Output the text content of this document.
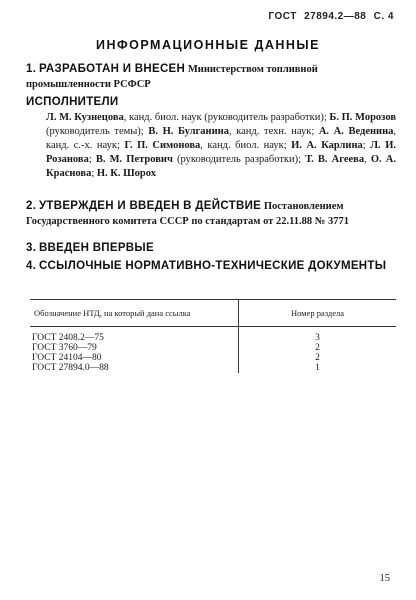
ГОСТ 27894.2—88 С. 4
ИНФОРМАЦИОННЫЕ ДАННЫЕ
1. РАЗРАБОТАН И ВНЕСЕН Министерством топливной промышленности РСФСР
ИСПОЛНИТЕЛИ
Л. М. Кузнецова, канд. биол. наук (руководитель разработки); Б. П. Морозов (руководитель темы); В. Н. Булганина, канд. техн. наук; А. А. Веденина, канд. с.-х. наук; Г. П. Симонова, канд. биол. наук; И. А. Карлина; Л. И. Розанова; В. М. Петрович (руководитель разработки); Т. В. Агеева, О. А. Краснова; Н. К. Шорох
2. УТВЕРЖДЕН И ВВЕДЕН В ДЕЙСТВИЕ Постановлением Государственного комитета СССР по стандартам от 22.11.88 № 3771
3. ВВЕДЕН ВПЕРВЫЕ
4. ССЫЛОЧНЫЕ НОРМАТИВНО-ТЕХНИЧЕСКИЕ ДОКУМЕНТЫ
Обозначение НТД, на который дана ссылка	Номер раздела
ГОСТ 2408.2—75	3
ГОСТ 3760—79	2
ГОСТ 24104—80	2
ГОСТ 27894.0—88	1
15
